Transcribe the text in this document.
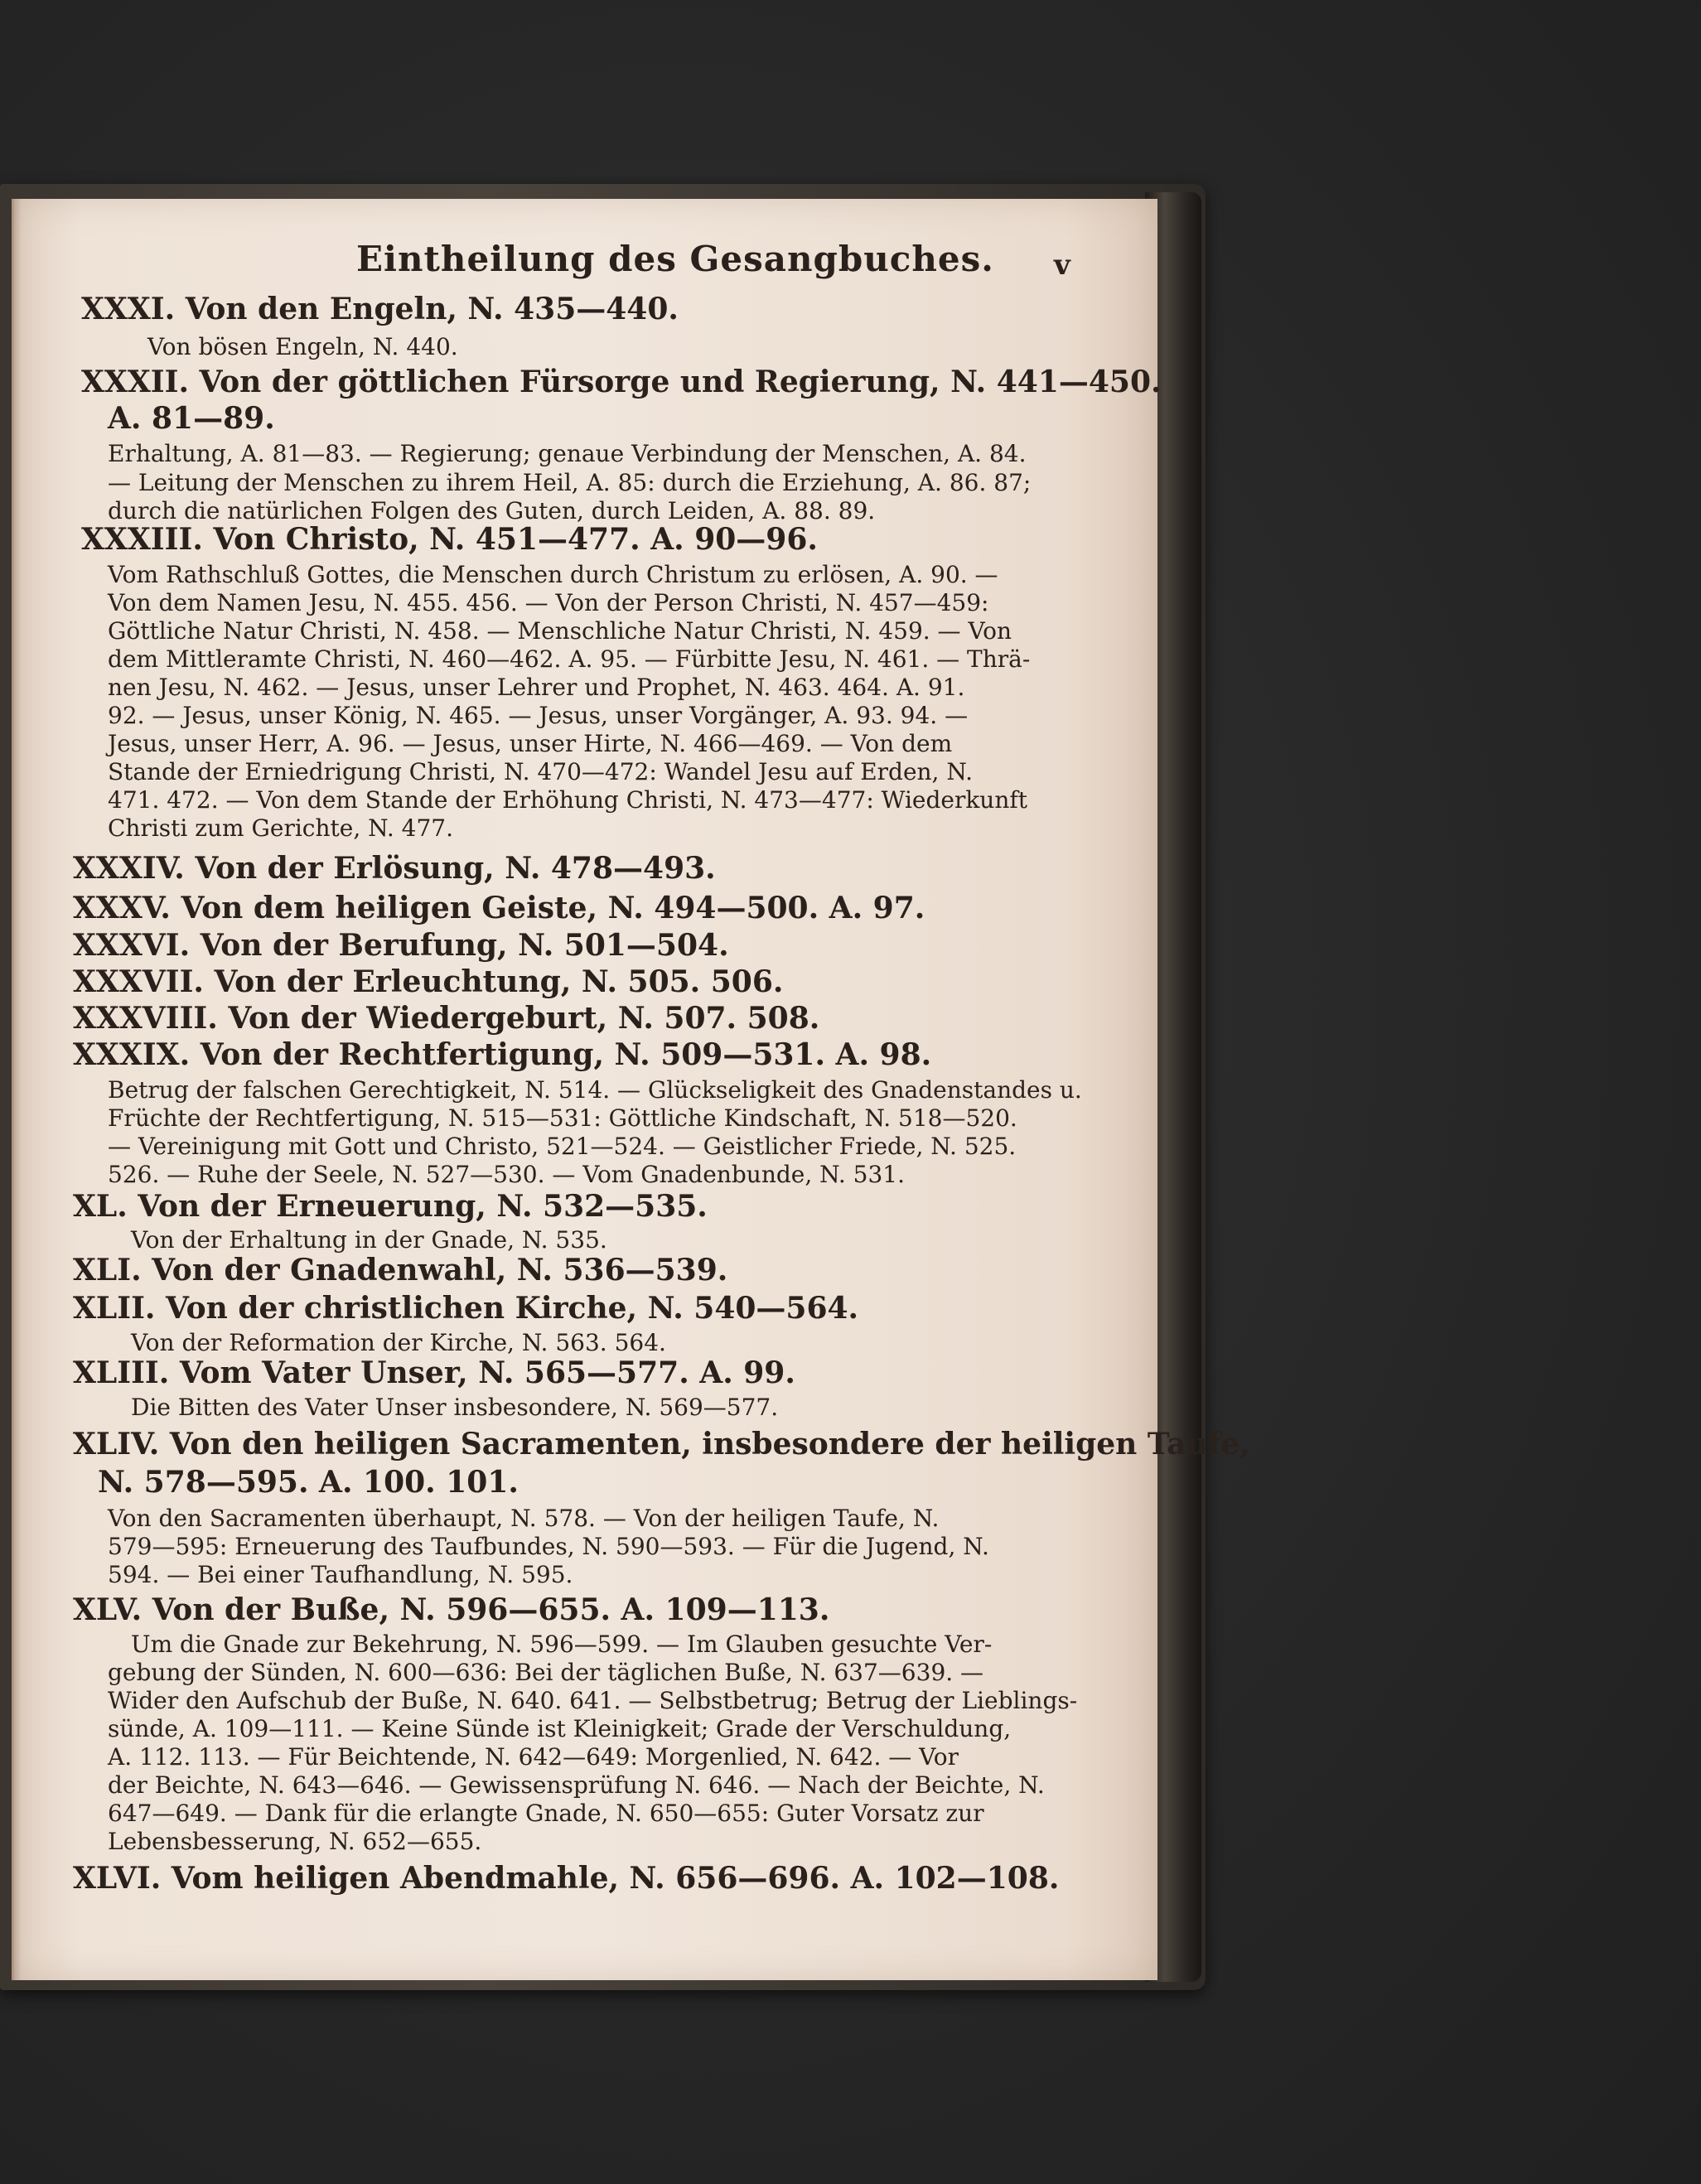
Eintheilung des Gesangbuches. v
XXXI. Von den Engeln, N. 435—440.
Von bösen Engeln, N. 440.
XXXII. Von der göttlichen Fürsorge und Regierung, N. 441—450.
A. 81—89.
Erhaltung, A. 81—83. — Regierung; genaue Verbindung der Menschen, A. 84.
— Leitung der Menschen zu ihrem Heil, A. 85: durch die Erziehung, A. 86. 87;
durch die natürlichen Folgen des Guten, durch Leiden, A. 88. 89.
XXXIII. Von Christo, N. 451—477. A. 90—96.
Vom Rathschluß Gottes, die Menschen durch Christum zu erlösen, A. 90. —
Von dem Namen Jesu, N. 455. 456. — Von der Person Christi, N. 457—459:
Göttliche Natur Christi, N. 458. — Menschliche Natur Christi, N. 459. — Von
dem Mittleramte Christi, N. 460—462. A. 95. — Fürbitte Jesu, N. 461. — Thrä-
nen Jesu, N. 462. — Jesus, unser Lehrer und Prophet, N. 463. 464. A. 91.
92. — Jesus, unser König, N. 465. — Jesus, unser Vorgänger, A. 93. 94. —
Jesus, unser Herr, A. 96. — Jesus, unser Hirte, N. 466—469. — Von dem
Stande der Erniedrigung Christi, N. 470—472: Wandel Jesu auf Erden, N.
471. 472. — Von dem Stande der Erhöhung Christi, N. 473—477: Wiederkunft
Christi zum Gerichte, N. 477.
XXXIV. Von der Erlösung, N. 478—493.
XXXV. Von dem heiligen Geiste, N. 494—500. A. 97.
XXXVI. Von der Berufung, N. 501—504.
XXXVII. Von der Erleuchtung, N. 505. 506.
XXXVIII. Von der Wiedergeburt, N. 507. 508.
XXXIX. Von der Rechtfertigung, N. 509—531. A. 98.
Betrug der falschen Gerechtigkeit, N. 514. — Glückseligkeit des Gnadenstandes u.
Früchte der Rechtfertigung, N. 515—531: Göttliche Kindschaft, N. 518—520.
— Vereinigung mit Gott und Christo, 521—524. — Geistlicher Friede, N. 525.
526. — Ruhe der Seele, N. 527—530. — Vom Gnadenbunde, N. 531.
XL. Von der Erneuerung, N. 532—535.
Von der Erhaltung in der Gnade, N. 535.
XLI. Von der Gnadenwahl, N. 536—539.
XLII. Von der christlichen Kirche, N. 540—564.
Von der Reformation der Kirche, N. 563. 564.
XLIII. Vom Vater Unser, N. 565—577. A. 99.
Die Bitten des Vater Unser insbesondere, N. 569—577.
XLIV. Von den heiligen Sacramenten, insbesondere der heiligen Taufe,
N. 578—595. A. 100. 101.
Von den Sacramenten überhaupt, N. 578. — Von der heiligen Taufe, N.
579—595: Erneuerung des Taufbundes, N. 590—593. — Für die Jugend, N.
594. — Bei einer Taufhandlung, N. 595.
XLV. Von der Buße, N. 596—655. A. 109—113.
Um die Gnade zur Bekehrung, N. 596—599. — Im Glauben gesuchte Ver-
gebung der Sünden, N. 600—636: Bei der täglichen Buße, N. 637—639. —
Wider den Aufschub der Buße, N. 640. 641. — Selbstbetrug; Betrug der Lieblings-
sünde, A. 109—111. — Keine Sünde ist Kleinigkeit; Grade der Verschuldung,
A. 112. 113. — Für Beichtende, N. 642—649: Morgenlied, N. 642. — Vor
der Beichte, N. 643—646. — Gewissensprüfung N. 646. — Nach der Beichte, N.
647—649. — Dank für die erlangte Gnade, N. 650—655: Guter Vorsatz zur
Lebensbesserung, N. 652—655.
XLVI. Vom heiligen Abendmahle, N. 656—696. A. 102—108.
